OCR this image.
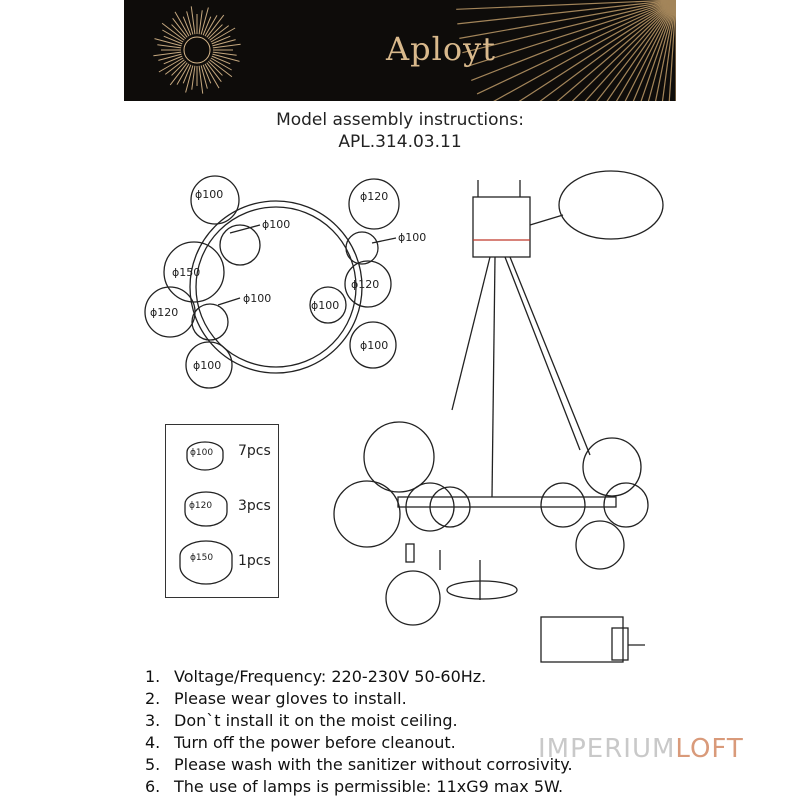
Aployt
Model assembly instructions:
APL.314.03.11
ϕ100	ϕ120
ϕ100
ϕ100
ϕ150
ϕ120
ϕ120
ϕ100
ϕ100
ϕ100
ϕ100
ϕ100
ϕ120
ϕ150
7pcs
3pcs
1pcs
1. Voltage/Frequency: 220-230V 50-60Hz.
2. Please wear gloves to install.
3. Don`t install it on the moist ceiling.
4. Turn off the power before cleanout.
5. Please wash with the sanitizer without corrosivity.
6. The use of lamps is permissible: 11xG9 max 5W.
IMPERIUMLOFT
